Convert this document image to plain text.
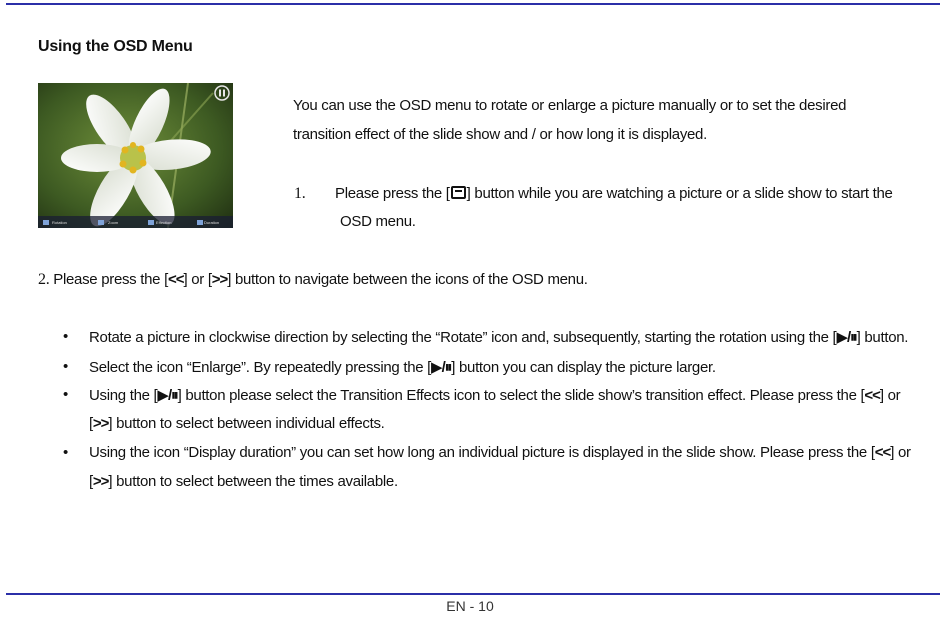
Using the OSD Menu
Rotation	Zoom	Effection	Duration
You can use the OSD menu to rotate or enlarge a picture manually or to set the desired
transition effect of the slide show and / or how long it is displayed.
1. Please press the [ ] button while you are watching a picture or a slide show to start the
OSD menu.
2. Please press the [<<] or [>>] button to navigate between the icons of the OSD menu.
• Rotate a picture in clockwise direction by selecting the “Rotate” icon and, subsequently, starting the rotation using the [▶/⏸] button.
• Select the icon “Enlarge”. By repeatedly pressing the [▶/⏸] button you can display the picture larger.
• Using the [▶/⏸] button please select the Transition Effects icon to select the slide show’s transition effect. Please press the [<<] or
[>>] button to select between individual effects.
• Using the icon “Display duration” you can set how long an individual picture is displayed in the slide show. Please press the [<<] or
[>>] button to select between the times available.
EN - 10
